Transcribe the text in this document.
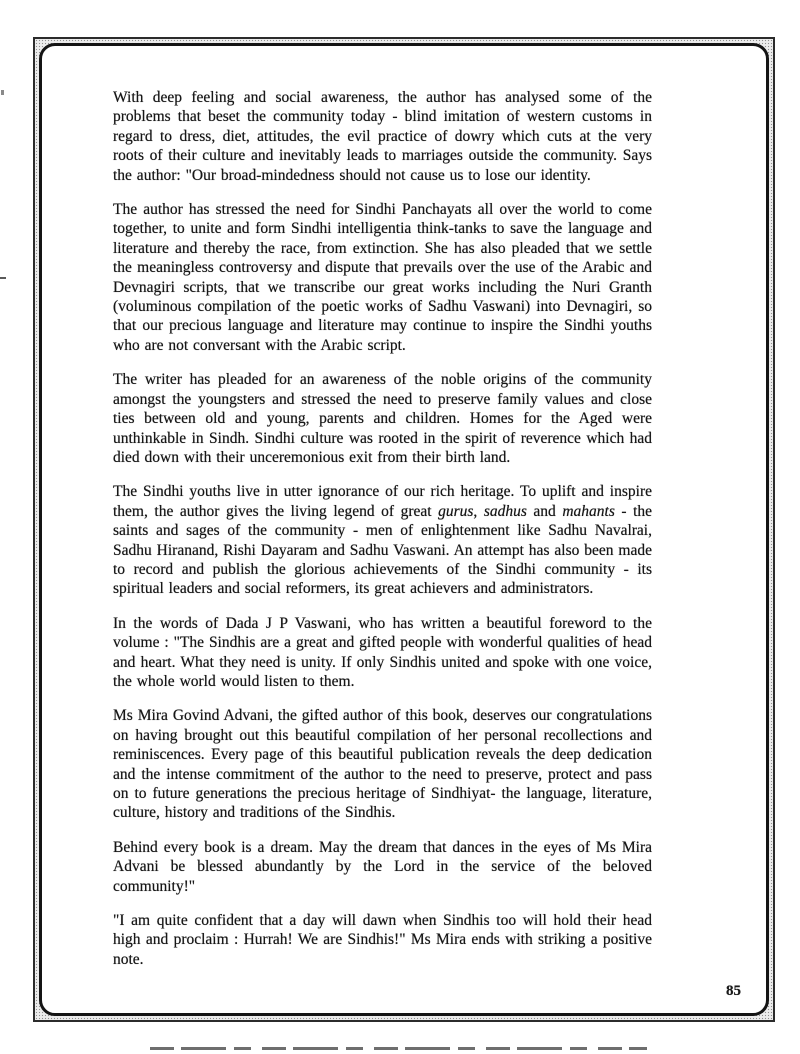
With deep feeling and social awareness, the author has analysed some of the problems that beset the community today - blind imitation of western customs in regard to dress, diet, attitudes, the evil practice of dowry which cuts at the very roots of their culture and inevitably leads to marriages outside the community. Says the author: "Our broad-mindedness should not cause us to lose our identity.

The author has stressed the need for Sindhi Panchayats all over the world to come together, to unite and form Sindhi intelligentia think-tanks to save the language and literature and thereby the race, from extinction. She has also pleaded that we settle the meaningless controversy and dispute that prevails over the use of the Arabic and Devnagiri scripts, that we transcribe our great works including the Nuri Granth (voluminous compilation of the poetic works of Sadhu Vaswani) into Devnagiri, so that our precious language and literature may continue to inspire the Sindhi youths who are not conversant with the Arabic script.

The writer has pleaded for an awareness of the noble origins of the community amongst the youngsters and stressed the need to preserve family values and close ties between old and young, parents and children. Homes for the Aged were unthinkable in Sindh. Sindhi culture was rooted in the spirit of reverence which had died down with their unceremonious exit from their birth land.

The Sindhi youths live in utter ignorance of our rich heritage. To uplift and inspire them, the author gives the living legend of great gurus, sadhus and mahants - the saints and sages of the community - men of enlightenment like Sadhu Navalrai, Sadhu Hiranand, Rishi Dayaram and Sadhu Vaswani. An attempt has also been made to record and publish the glorious achievements of the Sindhi community - its spiritual leaders and social reformers, its great achievers and administrators.

In the words of Dada J P Vaswani, who has written a beautiful foreword to the volume : "The Sindhis are a great and gifted people with wonderful qualities of head and heart. What they need is unity. If only Sindhis united and spoke with one voice, the whole world would listen to them.

Ms Mira Govind Advani, the gifted author of this book, deserves our congratulations on having brought out this beautiful compilation of her personal recollections and reminiscences. Every page of this beautiful publication reveals the deep dedication and the intense commitment of the author to the need to preserve, protect and pass on to future generations the precious heritage of Sindhiyat- the language, literature, culture, history and traditions of the Sindhis.

Behind every book is a dream. May the dream that dances in the eyes of Ms Mira Advani be blessed abundantly by the Lord in the service of the beloved community!"

"I am quite confident that a day will dawn when Sindhis too will hold their head high and proclaim : Hurrah! We are Sindhis!" Ms Mira ends with striking a positive note.

85
